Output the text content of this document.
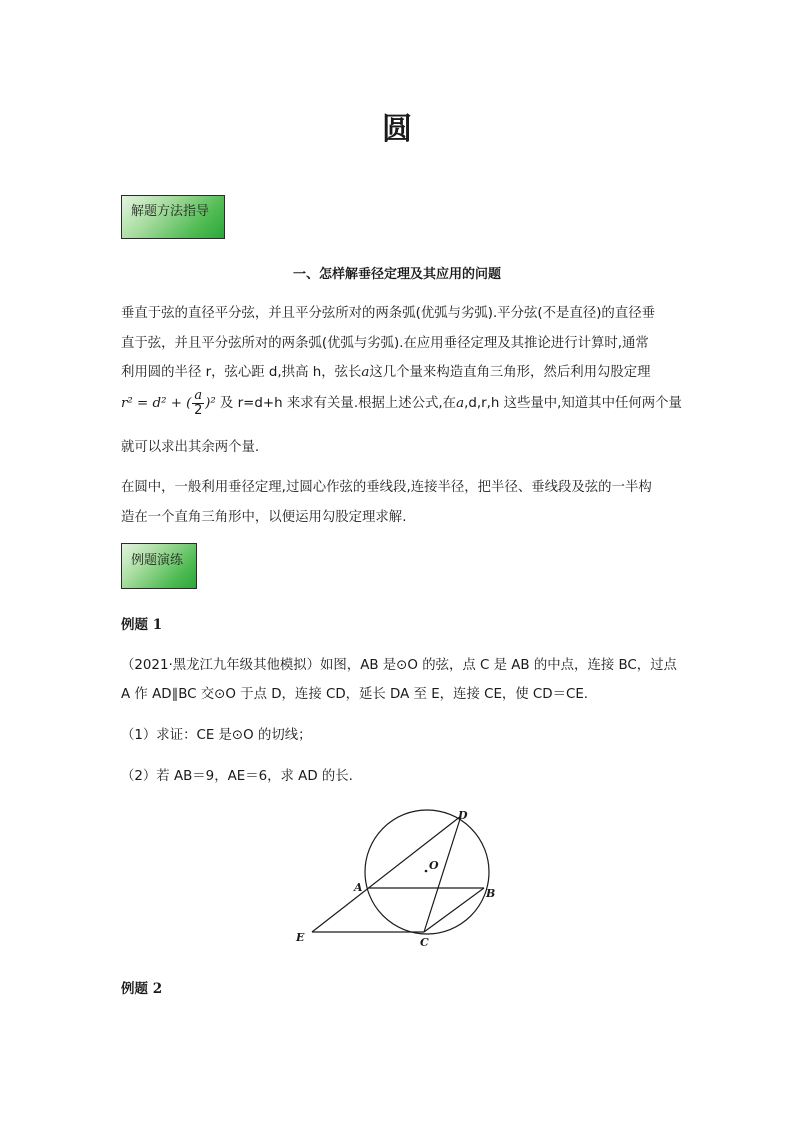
圆
解题方法指导
一、怎样解垂径定理及其应用的问题
垂直于弦的直径平分弦，并且平分弦所对的两条弧(优弧与劣弧).平分弦(不是直径)的直径垂
直于弦，并且平分弦所对的两条弧(优弧与劣弧).在应用垂径定理及其推论进行计算时,通常
利用圆的半径 r，弦心距 d,拱高 h，弦长a这几个量来构造直角三角形，然后利用勾股定理
r² = d² + ( $\frac{a}{2} )^2$ 及 r=d+h 来求有关量.根据上述公式,在a,d,r,h 这些量中,知道其中任何两个量
就可以求出其余两个量.
在圆中，一般利用垂径定理,过圆心作弦的垂线段,连接半径，把半径、垂线段及弦的一半构
造在一个直角三角形中，以便运用勾股定理求解.
例题演练
例题 1
（2021·黑龙江九年级其他模拟）如图，AB 是⊙O 的弦，点 C 是 AB 的中点，连接 BC，过点
A 作 AD∥BC 交⊙O 于点 D，连接 CD，延长 DA 至 E，连接 CE，使 CD＝CE.
（1）求证：CE 是⊙O 的切线；
（2）若 AB＝9，AE＝6，求 AD 的长.
D
O
A	B
E	C
例题 2
